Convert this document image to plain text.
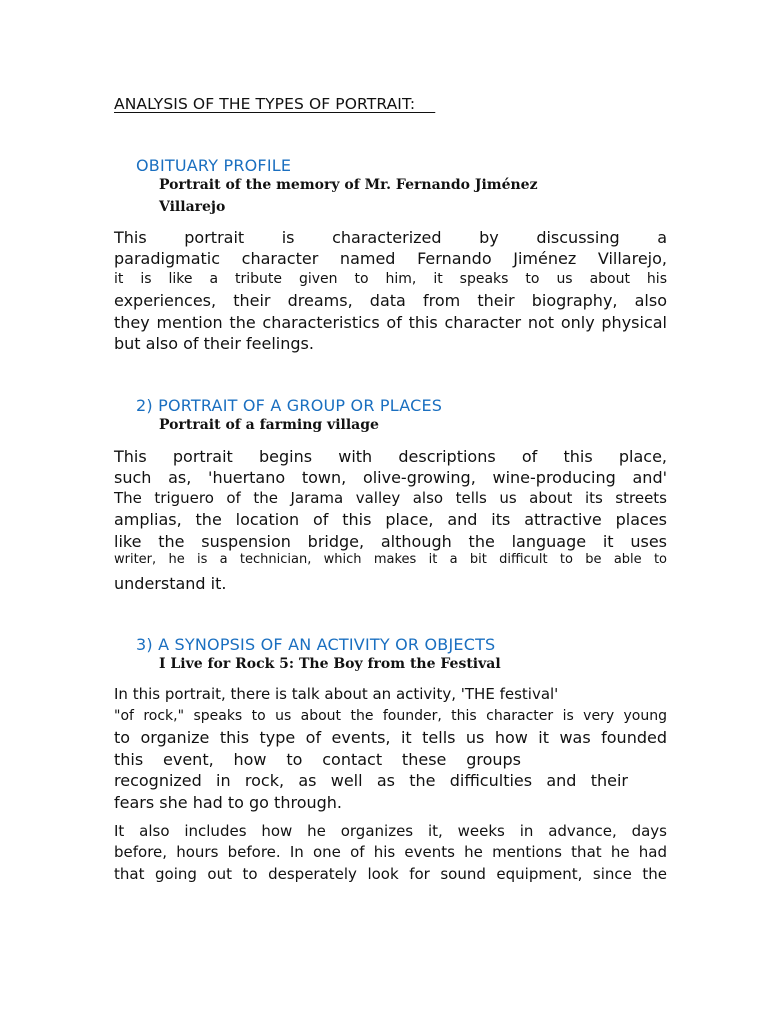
ANALYSIS OF THE TYPES OF PORTRAIT:
OBITUARY PROFILE
Portrait of the memory of Mr. Fernando Jiménez
Villarejo
This portrait is characterized by discussing a
paradigmatic character named Fernando Jiménez Villarejo,
it is like a tribute given to him, it speaks to us about his
experiences, their dreams, data from their biography, also
they mention the characteristics of this character not only physical
but also of their feelings.
2) PORTRAIT OF A GROUP OR PLACES
Portrait of a farming village
This portrait begins with descriptions of this place,
such as, 'huertano town, olive-growing, wine-producing and'
The triguero of the Jarama valley also tells us about its streets
amplias, the location of this place, and its attractive places
like the suspension bridge, although the language it uses
writer, he is a technician, which makes it a bit difficult to be able to
understand it.
3) A SYNOPSIS OF AN ACTIVITY OR OBJECTS
I Live for Rock 5: The Boy from the Festival
In this portrait, there is talk about an activity, 'THE festival'
"of rock," speaks to us about the founder, this character is very young
to organize this type of events, it tells us how it was founded
this event, how to contact these groups
recognized in rock, as well as the difficulties and their
fears she had to go through.
It also includes how he organizes it, weeks in advance, days
before, hours before. In one of his events he mentions that he had
that going out to desperately look for sound equipment, since the
